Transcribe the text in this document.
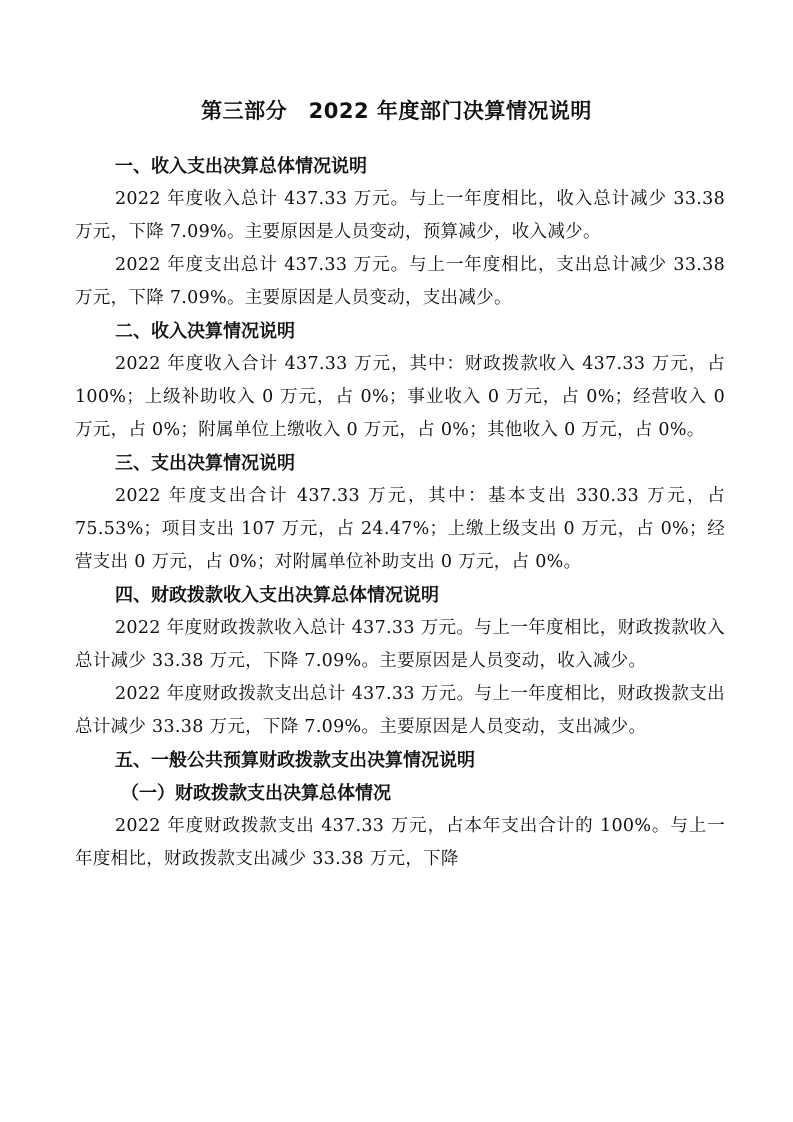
第三部分　2022 年度部门决算情况说明
一、收入支出决算总体情况说明

2022 年度收入总计 437.33 万元。与上一年度相比，收入总计减少 33.38 万元，下降 7.09%。主要原因是人员变动，预算减少，收入减少。

2022 年度支出总计 437.33 万元。与上一年度相比，支出总计减少 33.38 万元，下降 7.09%。主要原因是人员变动，支出减少。

二、收入决算情况说明

2022 年度收入合计 437.33 万元，其中：财政拨款收入 437.33 万元，占 100%；上级补助收入 0 万元，占 0%；事业收入 0 万元，占 0%；经营收入 0 万元，占 0%；附属单位上缴收入 0 万元，占 0%；其他收入 0 万元，占 0%。

三、支出决算情况说明

2022 年度支出合计 437.33 万元，其中：基本支出 330.33 万元，占 75.53%；项目支出 107 万元，占 24.47%；上缴上级支出 0 万元，占 0%；经营支出 0 万元，占 0%；对附属单位补助支出 0 万元，占 0%。

四、财政拨款收入支出决算总体情况说明

2022 年度财政拨款收入总计 437.33 万元。与上一年度相比，财政拨款收入总计减少 33.38 万元，下降 7.09%。主要原因是人员变动，收入减少。

2022 年度财政拨款支出总计 437.33 万元。与上一年度相比，财政拨款支出总计减少 33.38 万元，下降 7.09%。主要原因是人员变动，支出减少。

五、一般公共预算财政拨款支出决算情况说明
（一）财政拨款支出决算总体情况

2022 年度财政拨款支出 437.33 万元，占本年支出合计的 100%。与上一年度相比，财政拨款支出减少 33.38 万元，下降
